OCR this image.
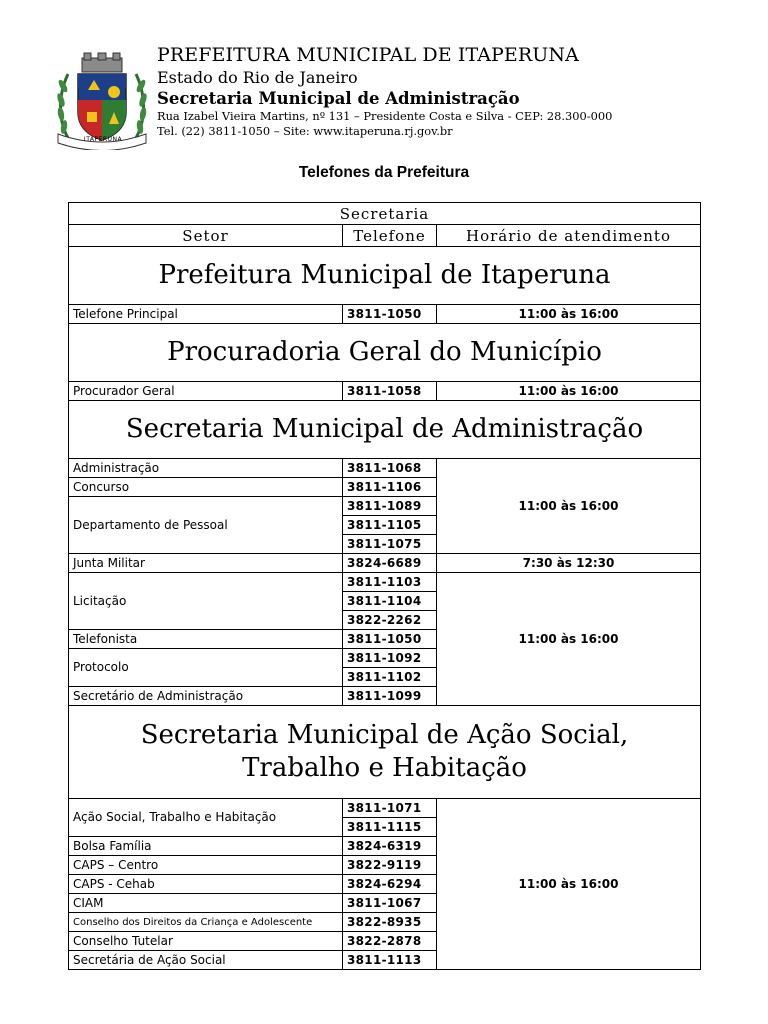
ITAPERUNA
PREFEITURA MUNICIPAL DE ITAPERUNA
Estado do Rio de Janeiro
Secretaria Municipal de Administração
Rua Izabel Vieira Martins, nº 131 – Presidente Costa e Silva - CEP: 28.300-000
Tel. (22) 3811-1050 – Site: www.itaperuna.rj.gov.br
Telefones da Prefeitura
Secretaria		
Setor	Telefone	Horário de atendimento
Prefeitura Municipal de Itaperuna		
Telefone Principal	3811-1050	11:00 às 16:00
Procuradoria Geral do Município		
Procurador Geral	3811-1058	11:00 às 16:00
Secretaria Municipal de Administração		
Administração	3811-1068	11:00 às 16:00
Concurso	3811-1106	
Departamento de Pessoal	3811-1089	
	3811-1105	
	3811-1075	
Junta Militar	3824-6689	7:30 às 12:30
Licitação	3811-1103	11:00 às 16:00
	3811-1104	
	3822-2262	
Telefonista	3811-1050	
Protocolo	3811-1092	
	3811-1102	
Secretário de Administração	3811-1099	
Secretaria Municipal de Ação Social, Trabalho e Habitação		
Ação Social, Trabalho e Habitação	3811-1071	11:00 às 16:00
	3811-1115	
Bolsa Família	3824-6319	
CAPS – Centro	3822-9119	
CAPS - Cehab	3824-6294	
CIAM	3811-1067	
Conselho dos Direitos da Criança e Adolescente	3822-8935	
Conselho Tutelar	3822-2878	
Secretária de Ação Social	3811-1113	
